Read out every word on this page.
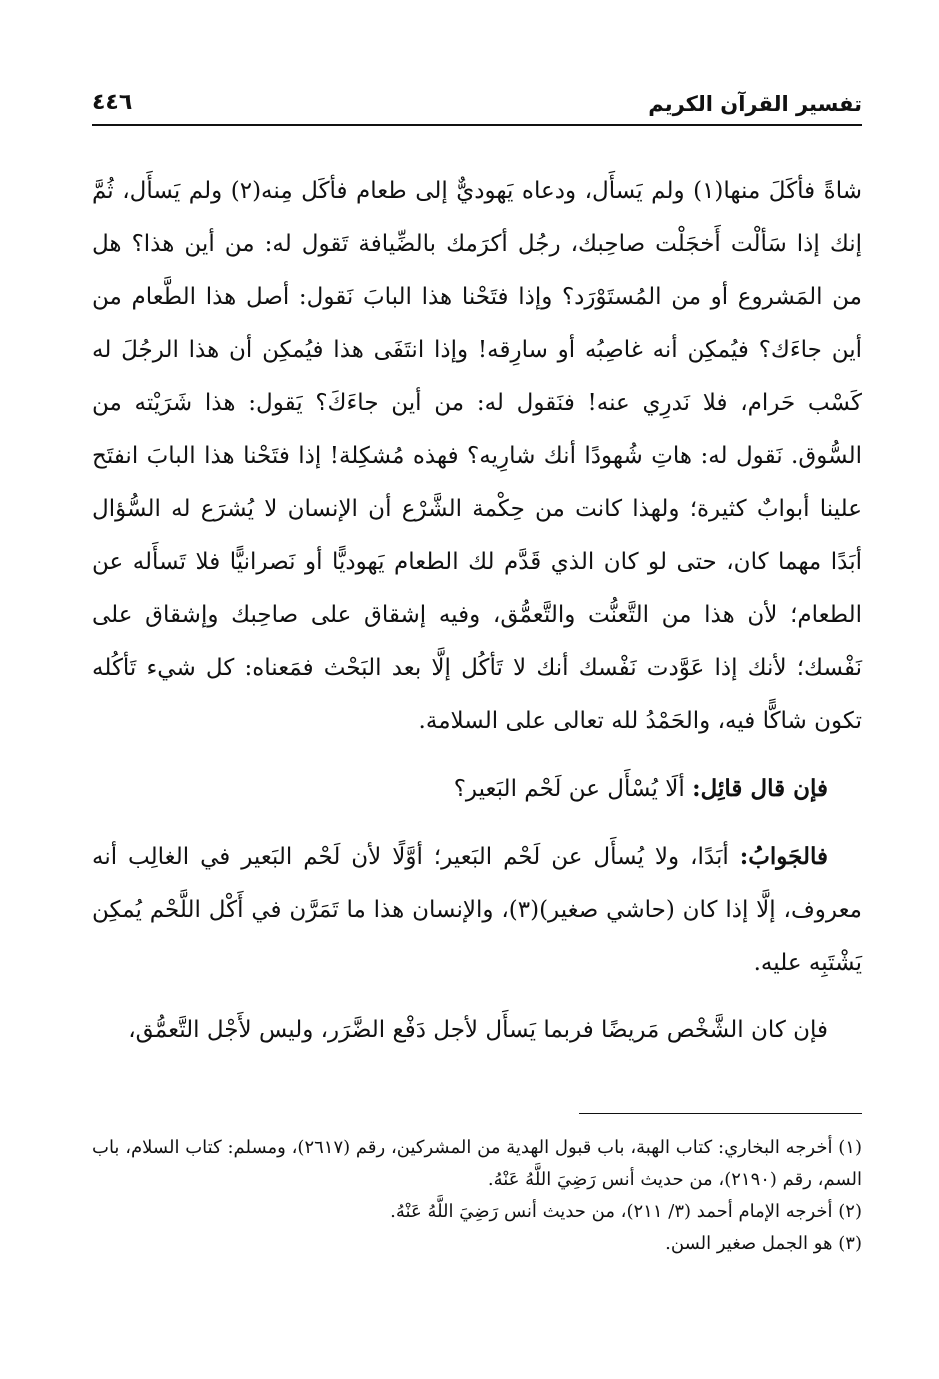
تفسير القرآن الكريم
٤٤٦

شاةً فأكَلَ منها(١) ولم يَسأَل، ودعاه يَهوديٌّ إلى طعام فأكَل مِنه(٢) ولم يَسأَل، ثُمَّ إنك إذا سَألْت أَخجَلْت صاحِبك، رجُل أكرَمك بالضِّيافة تَقول له: من أين هذا؟ هل من المَشروع أو من المُستَوْرَد؟ وإذا فتَحْنا هذا البابَ نَقول: أصل هذا الطَّعام من أين جاءَك؟ فيُمكِن أنه غاصِبُه أو سارِقه! وإذا انتَفَى هذا فيُمكِن أن هذا الرجُلَ له كَسْب حَرام، فلا نَدرِي عنه! فنَقول له: من أين جاءَكَ؟ يَقول: هذا شَرَيْته من السُّوق. نَقول له: هاتِ شُهودًا أنك شارِيه؟ فهذه مُشكِلة! إذا فتَحْنا هذا البابَ انفتَح علينا أبوابٌ كثيرة؛ ولهذا كانت من حِكْمة الشَّرْع أن الإنسان لا يُشرَع له السُّؤال أبَدًا مهما كان، حتى لو كان الذي قَدَّم لك الطعام يَهوديًّا أو نَصرانيًّا فلا تَسأَله عن الطعام؛ لأن هذا من التَّعنُّت والتَّعمُّق، وفيه إشقاق على صاحِبك وإشقاق على نَفْسك؛ لأنك إذا عَوَّدت نَفْسك أنك لا تَأكُل إلَّا بعد البَحْث فمَعناه: كل شيء تَأكُله تكون شاكًّا فيه، والحَمْدُ لله تعالى على السلامة.

فإن قال قائِل: ألَا يُسْأَل عن لَحْم البَعير؟

فالجَوابُ: أبَدًا، ولا يُسأَل عن لَحْم البَعير؛ أوَّلًا لأن لَحْم البَعير في الغالِب أنه معروف، إلَّا إذا كان (حاشي صغير)(٣)، والإنسان هذا ما تَمَرَّن في أَكْل اللَّحْم يُمكِن يَشْتَبِه عليه.

فإن كان الشَّخْص مَريضًا فربما يَسأَل لأجل دَفْع الضَّرَر، وليس لأَجْل التَّعمُّق،

(١) أخرجه البخاري: كتاب الهبة، باب قبول الهدية من المشركين، رقم (٢٦١٧)، ومسلم: كتاب السلام، باب السم، رقم (٢١٩٠)، من حديث أنس رَضِيَ اللَّهُ عَنْهُ.
(٢) أخرجه الإمام أحمد (٣/ ٢١١)، من حديث أنس رَضِيَ اللَّهُ عَنْهُ.
(٣) هو الجمل صغير السن.
